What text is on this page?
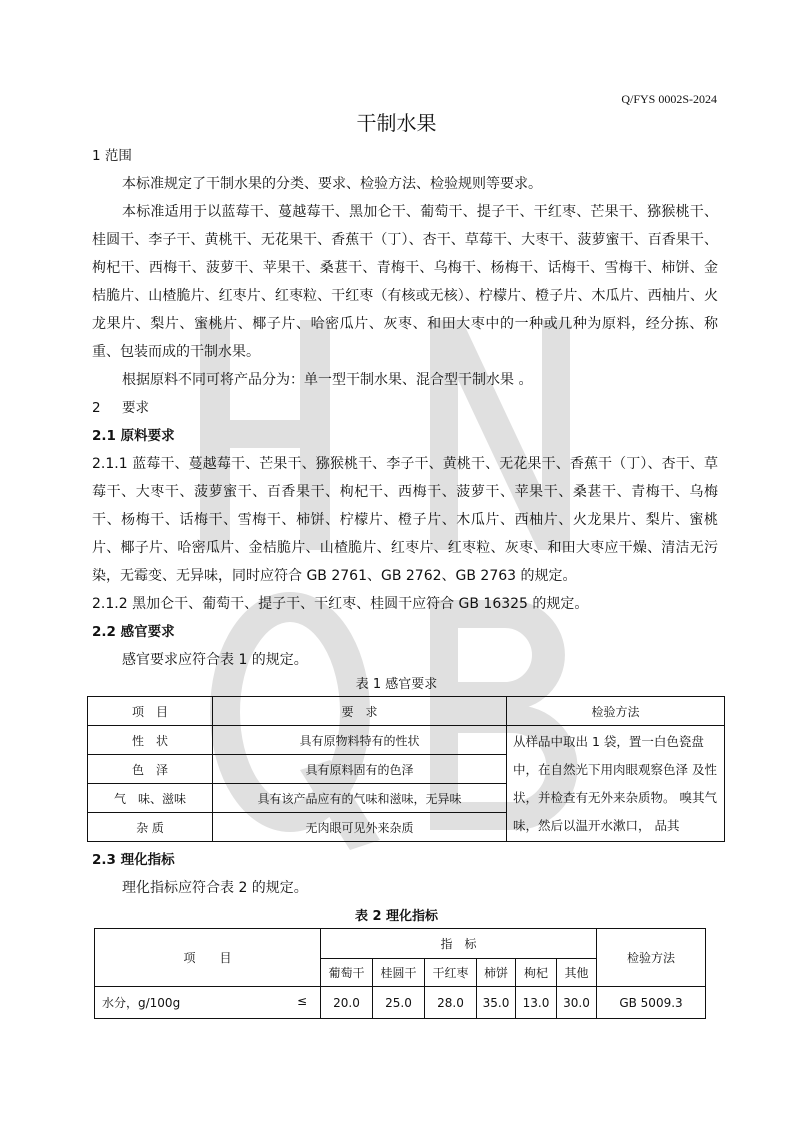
Q/FYS 0002S-2024
干制水果
1 范围
本标准规定了干制水果的分类、要求、检验方法、检验规则等要求。
本标准适用于以蓝莓干、蔓越莓干、黑加仑干、葡萄干、提子干、干红枣、芒果干、猕猴桃干、桂圆干、李子干、黄桃干、无花果干、香蕉干（丁）、杏干、草莓干、大枣干、菠萝蜜干、百香果干、枸杞干、西梅干、菠萝干、苹果干、桑葚干、青梅干、乌梅干、杨梅干、话梅干、雪梅干、柿饼、金桔脆片、山楂脆片、红枣片、红枣粒、干红枣（有核或无核）、柠檬片、橙子片、木瓜片、西柚片、火龙果片、梨片、蜜桃片、椰子片、哈密瓜片、灰枣、和田大枣中的一种或几种为原料，经分拣、称重、包装而成的干制水果。
根据原料不同可将产品分为：单一型干制水果、混合型干制水果 。
2 要求
2.1 原料要求
2.1.1 蓝莓干、蔓越莓干、芒果干、猕猴桃干、李子干、黄桃干、无花果干、香蕉干（丁）、杏干、草莓干、大枣干、菠萝蜜干、百香果干、枸杞干、西梅干、菠萝干、苹果干、桑葚干、青梅干、乌梅干、杨梅干、话梅干、雪梅干、柿饼、柠檬片、橙子片、木瓜片、西柚片、火龙果片、梨片、蜜桃片、椰子片、哈密瓜片、金桔脆片、山楂脆片、红枣片、红枣粒、灰枣、和田大枣应干燥、清洁无污染，无霉变、无异味，同时应符合 GB 2761、GB 2762、GB 2763 的规定。
2.1.2 黑加仑干、葡萄干、提子干、干红枣、桂圆干应符合 GB 16325 的规定。
2.2 感官要求
感官要求应符合表 1 的规定。
表 1 感官要求
项　目	要　求	检验方法
性　状	具有原物料特有的性状	从样品中取出 1 袋，置一白色瓷盘中，在自然光下用肉眼观察色泽 及性状，并检查有无外来杂质物。 嗅其气味，然后以温开水漱口， 品其
色　泽	具有原料固有的色泽	
气　味、滋味	具有该产品应有的气味和滋味，无异味	
杂 质	无肉眼可见外来杂质	
2.3 理化指标
理化指标应符合表 2 的规定。
表 2 理化指标
项　　目	指　标						检验方法
	葡萄干	桂圆干	干红枣	柿饼	枸杞	其他	

水分，g/100g ≤	20.0	25.0	28.0	35.0	13.0	30.0	GB 5009.3
